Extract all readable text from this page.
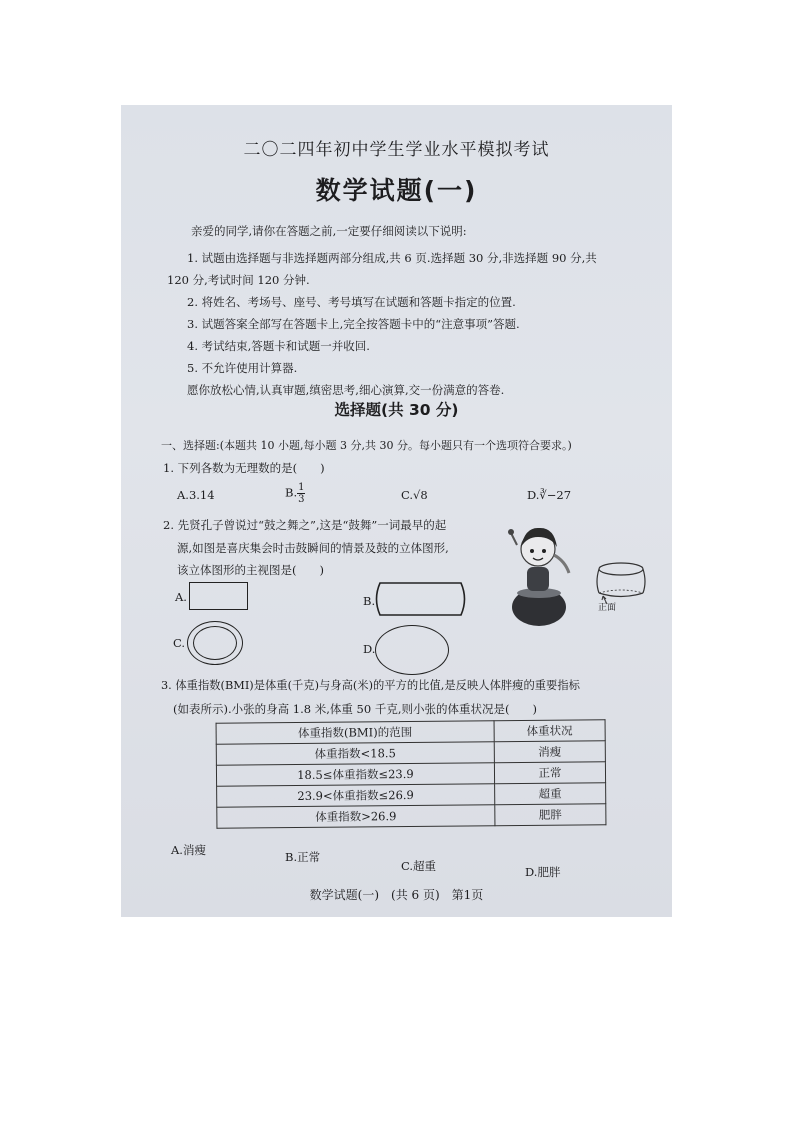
二〇二四年初中学生学业水平模拟考试
数学试题(一)
亲爱的同学,请你在答题之前,一定要仔细阅读以下说明:
1. 试题由选择题与非选择题两部分组成,共 6 页.选择题 30 分,非选择题 90 分,共
120 分,考试时间 120 分钟.
2. 将姓名、考场号、座号、考号填写在试题和答题卡指定的位置.
3. 试题答案全部写在答题卡上,完全按答题卡中的“注意事项”答题.
4. 考试结束,答题卡和试题一并收回.
5. 不允许使用计算器.
愿你放松心情,认真审题,缜密思考,细心演算,交一份满意的答卷.
选择题(共 30 分)
一、选择题:(本题共 10 小题,每小题 3 分,共 30 分。每小题只有一个选项符合要求。)
1. 下列各数为无理数的是(　　)
A.3.14	B. $\frac{1}{3}$	C.√8	D.∛−27
2. 先贤孔子曾说过“鼓之舞之”,这是“鼓舞”一词最早的起
源,如图是喜庆集会时击鼓瞬间的情景及鼓的立体图形,
该立体图形的主视图是(　　)
A.	B.
C.	D.
正面
3. 体重指数(BMI)是体重(千克)与身高(米)的平方的比值,是反映人体胖瘦的重要指标
(如表所示).小张的身高 1.8 米,体重 50 千克,则小张的体重状况是(　　)
体重指数(BMI)的范围	体重状况
体重指数<18.5	消瘦
18.5≤体重指数≤23.9	正常
23.9<体重指数≤26.9	超重
体重指数>26.9	肥胖
A.消瘦	B.正常
C.超重	D.肥胖
数学试题(一)　(共 6 页)　第1页
